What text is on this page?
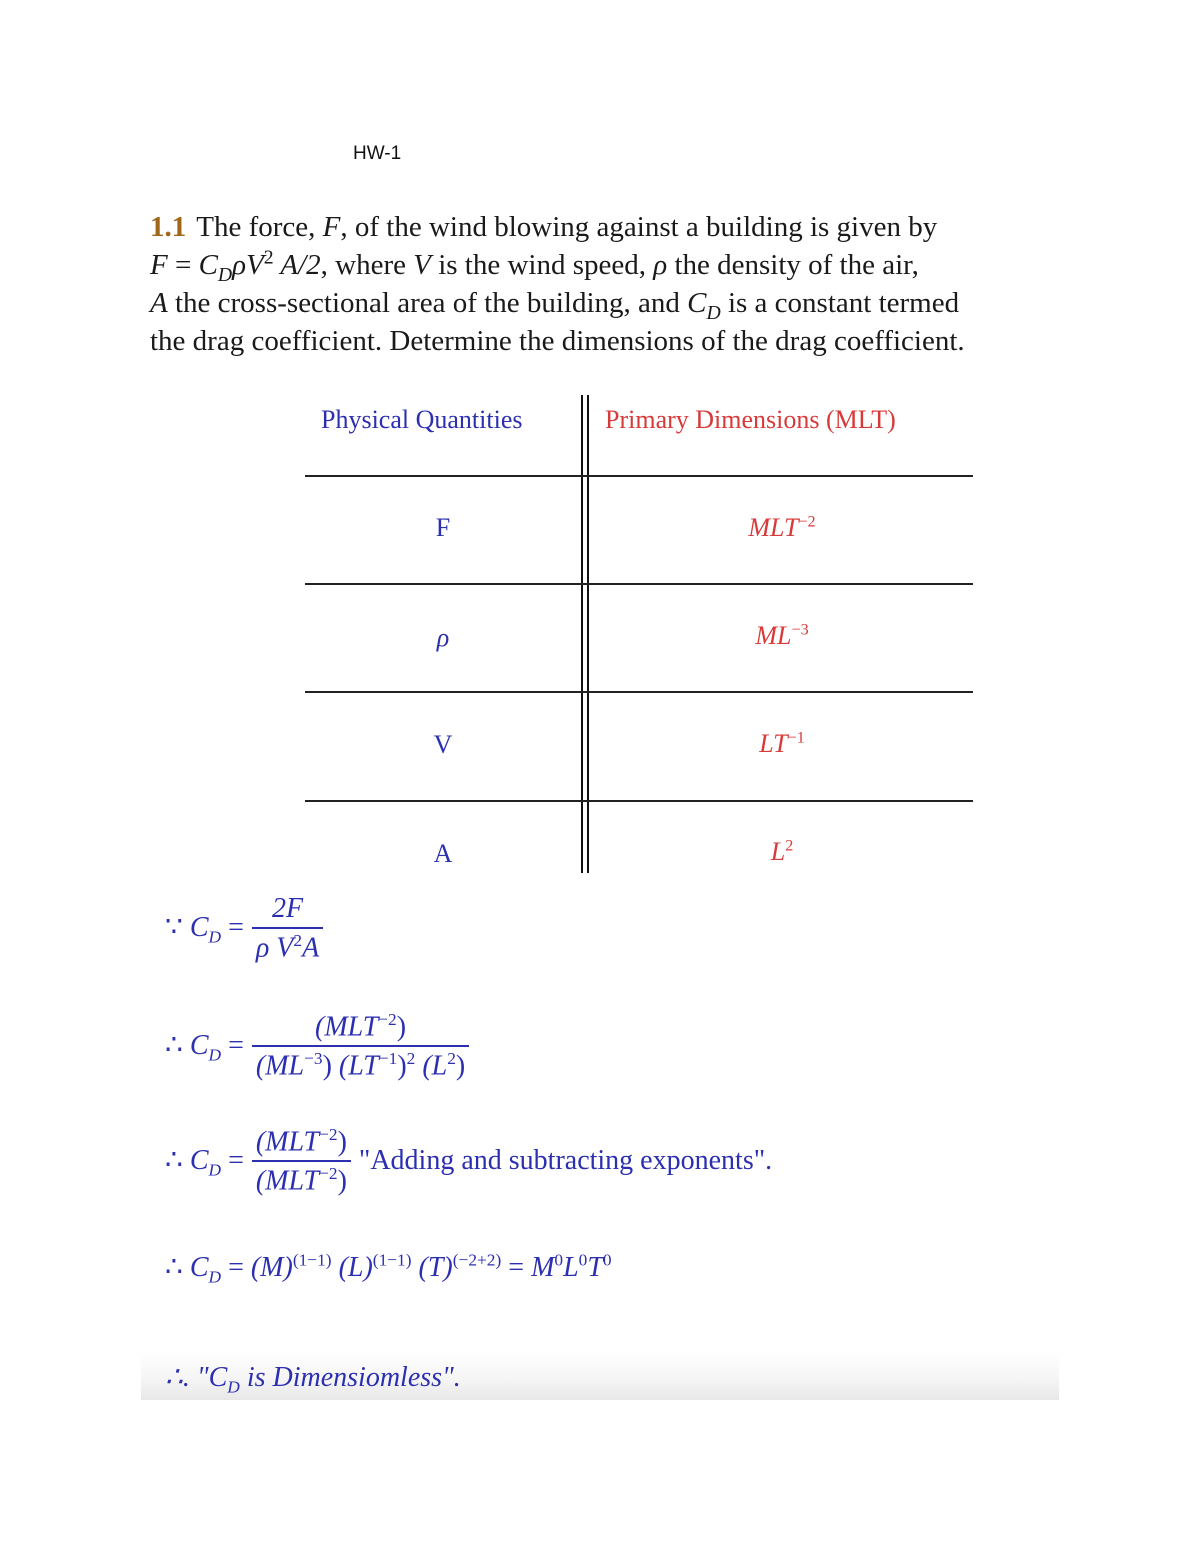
HW-1
1.1 The force, F, of the wind blowing against a building is given by
$F = C_D\rho V^2$ A/2, where V is the wind speed, ρ the density of the air,
A the cross-sectional area of the building, and $C_D$ is a constant termed
the drag coefficient. Determine the dimensions of the drag coefficient.
Physical Quantities	Primary Dimensions (MLT)
F	$MLT^{-2}$
ρ	$ML^{-3}$
V	$LT^{-1}$
A	$L^2$
∵ $C_D = \frac{2F}{\rho V^2A}$
∴ $C_D = \frac{(MLT^{-2})}{(ML^{-3}) (LT^{-1})^2 (L^2)}$
∴ $C_D = \frac{(MLT^{-2})}{(MLT^{-2})}$ "Adding and subtracting exponents".
∴ $C_D = (M)^{(1-1)}$ $(L)^{(1-1)}$ $(T)^{(-2+2)} = M^0L^0T^0$
∴. "$C_D$ is Dimensiomless".
